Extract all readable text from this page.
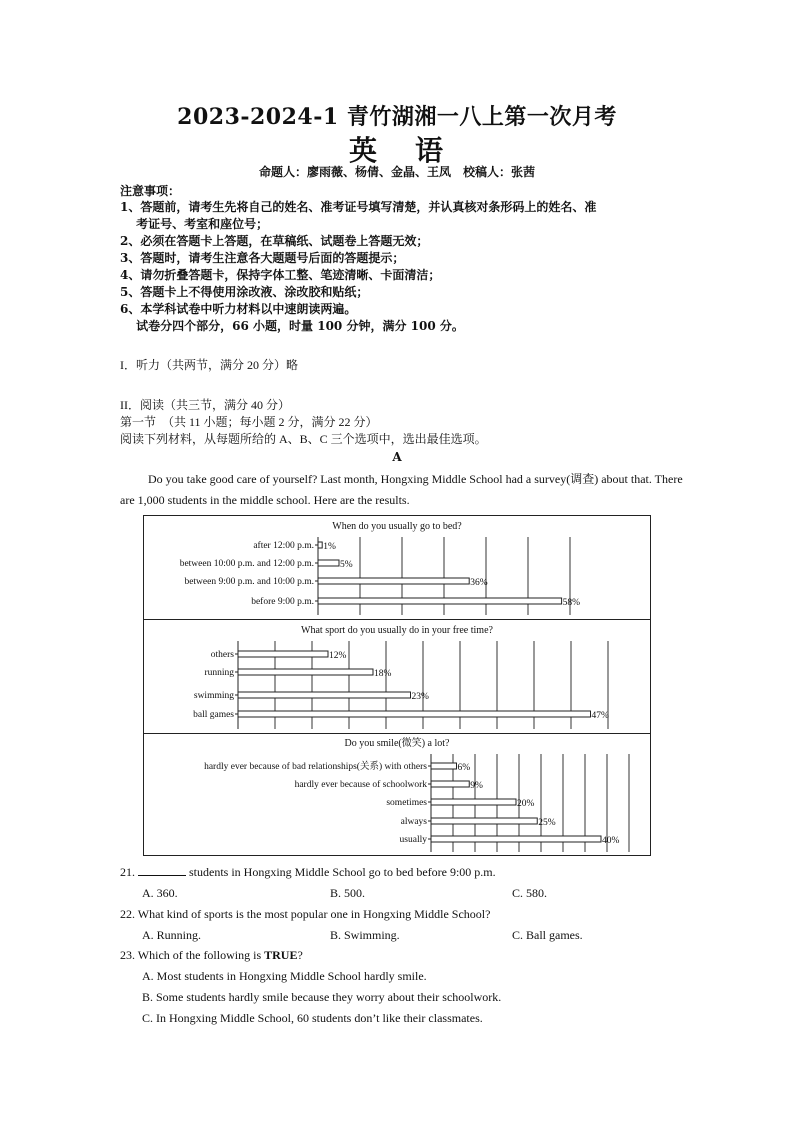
2023-2024-1 青竹湖湘一八上第一次月考
英 语
命题人：廖雨薇、杨倩、金晶、王凤　校稿人：张茜
注意事项：
1、答题前，请考生先将自己的姓名、准考证号填写清楚，并认真核对条形码上的姓名、准
　 考证号、考室和座位号；
2、必须在答题卡上答题，在草稿纸、试题卷上答题无效；
3、答题时，请考生注意各大题题号后面的答题提示；
4、请勿折叠答题卡，保持字体工整、笔迹清晰、卡面清洁；
5、答题卡上不得使用涂改液、涂改胶和贴纸；
6、本学科试卷中听力材料以中速朗读两遍。
　 试卷分四个部分，66 小题，时量 100 分钟，满分 100 分。
I．听力（共两节，满分 20 分）略
II．阅读（共三节，满分 40 分）
第一节　（共 11 小题；每小题 2 分，满分 22 分）
阅读下列材料，从每题所给的 A、B、C 三个选项中，选出最佳选项。
A
Do you take good care of yourself? Last month, Hongxing Middle School had a survey(调查) about that. There are 1,000 students in the middle school. Here are the results.
When do you usually go to bed?
after 12:00 p.m. 1%
between 10:00 p.m. and 12:00 p.m.	5%
between 9:00 p.m. and 10:00 p.m.	36%
before 9:00 p.m.	58%
What sport do you usually do in your free time?
others	12%
running	18%
swimming	23%
ball games	47%
Do you smile(微笑) a lot?
hardly ever because of bad relationships(关系) with others	6%
hardly ever because of schoolwork	9%
sometimes	20%
always	25%
usually	40%
21.	students in Hongxing Middle School go to bed before 9:00 p.m.
A. 360.	B. 500.	C. 580.
22. What kind of sports is the most popular one in Hongxing Middle School?
A. Running.	B. Swimming.	C. Ball games.
23. Which of the following is TRUE?
A. Most students in Hongxing Middle School hardly smile.
B. Some students hardly smile because they worry about their schoolwork.
C. In Hongxing Middle School, 60 students don’t like their classmates.
